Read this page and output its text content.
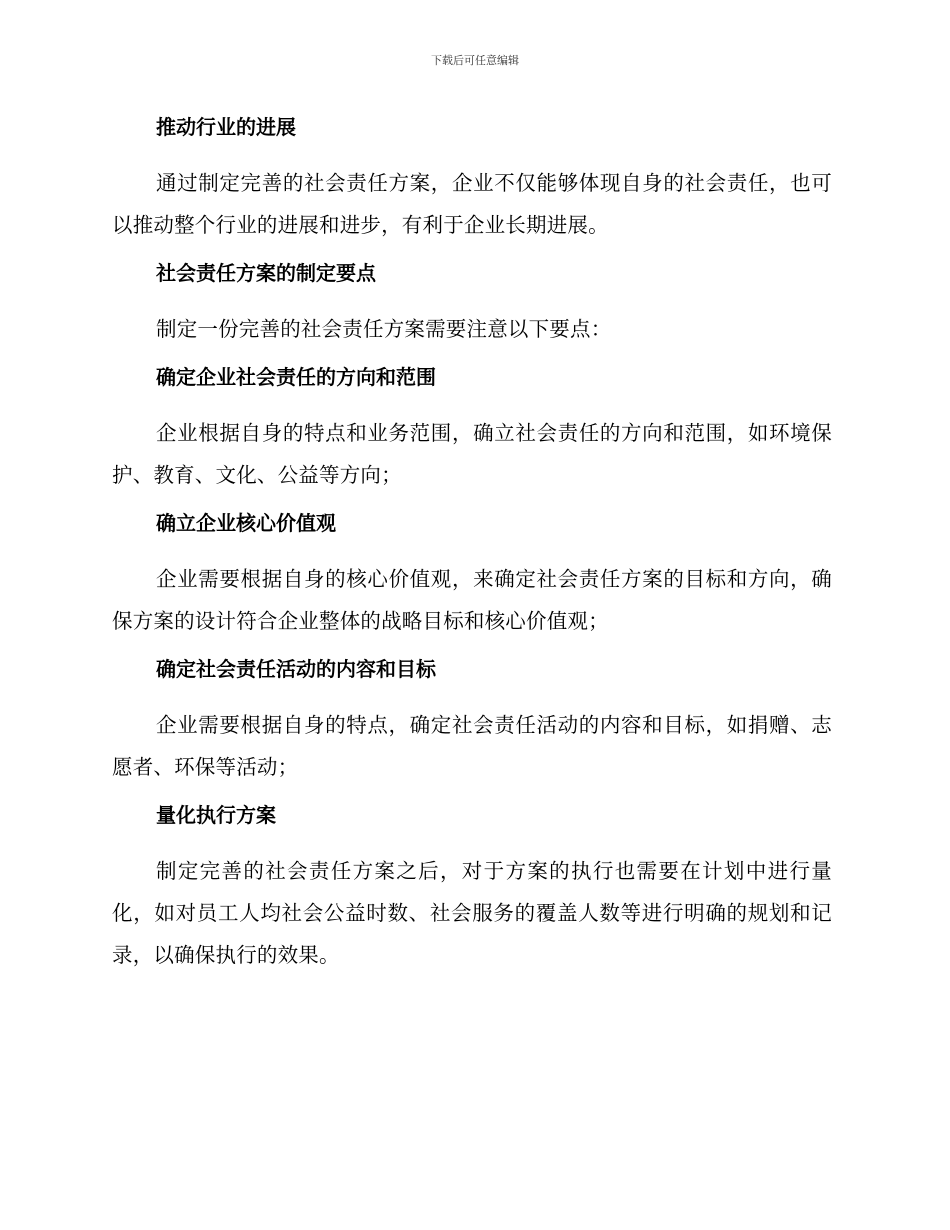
下载后可任意编辑
推动行业的进展

通过制定完善的社会责任方案，企业不仅能够体现自身的社会责任，也可以推动整个行业的进展和进步，有利于企业长期进展。

社会责任方案的制定要点

制定一份完善的社会责任方案需要注意以下要点：

确定企业社会责任的方向和范围

企业根据自身的特点和业务范围，确立社会责任的方向和范围，如环境保护、教育、文化、公益等方向；

确立企业核心价值观

企业需要根据自身的核心价值观，来确定社会责任方案的目标和方向，确保方案的设计符合企业整体的战略目标和核心价值观；

确定社会责任活动的内容和目标

企业需要根据自身的特点，确定社会责任活动的内容和目标，如捐赠、志愿者、环保等活动；

量化执行方案

制定完善的社会责任方案之后，对于方案的执行也需要在计划中进行量化，如对员工人均社会公益时数、社会服务的覆盖人数等进行明确的规划和记录，以确保执行的效果。
